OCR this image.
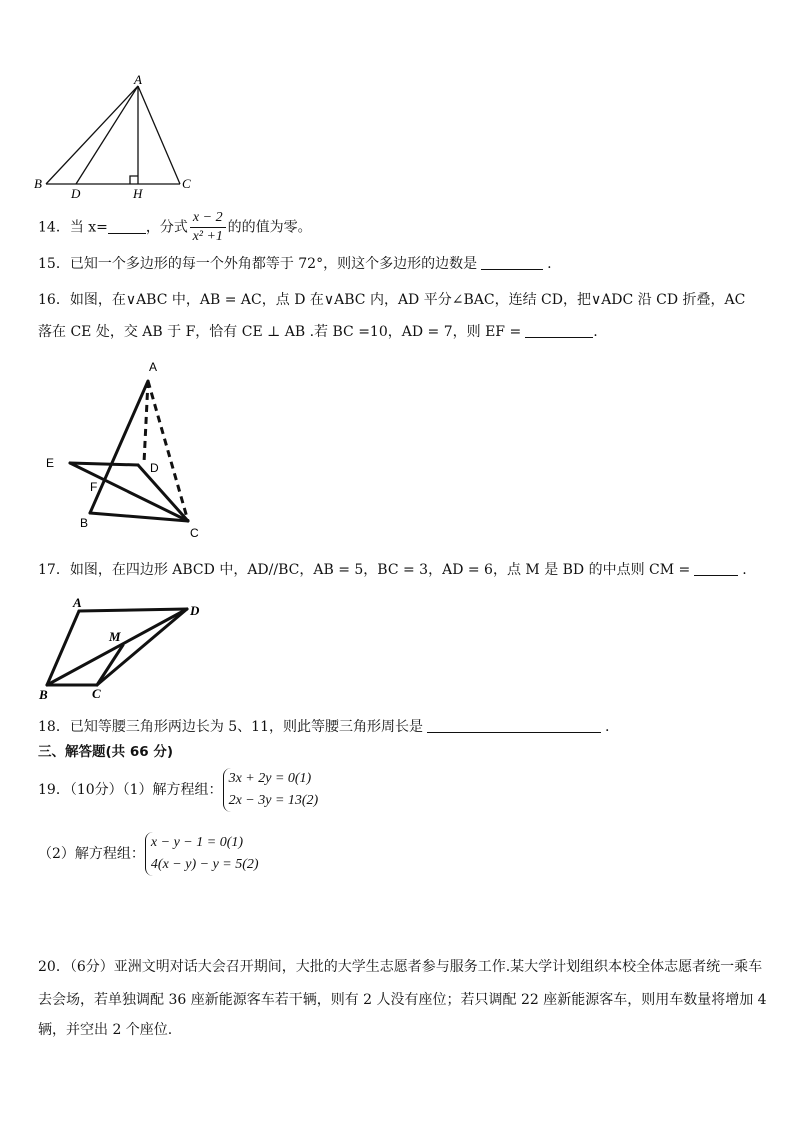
A
B
D	H
C
14．当 x=	，分式 $\frac{x - 2}{\text{x² +1}}$ 的的值为零。
15．已知一个多边形的每一个外角都等于 72°，则这个多边形的边数是	.
16．如图，在∨ABC 中，AB = AC，点 D 在∨ABC 内，AD 平分∠BAC，连结 CD，把∨ADC 沿 CD 折叠，AC
落在 CE 处，交 AB 于 F，恰有 CE ⊥ AB .若 BC =10，AD = 7，则 EF =	.
A
E	D
F
B
C
17．如图，在四边形 ABCD 中，AD//BC，AB = 5，BC = 3，AD = 6，点 M 是 BD 的中点则 CM =	.
A
D
M
B	C
18．已知等腰三角形两边长为 5、11，则此等腰三角形周长是	.
三、解答题(共 66 分)
19．（10分）（1）解方程组：
3x + 2y = 0(1)
2x − 3y = 13(2)
（2）解方程组：
x − y − 1 = 0(1)
4(x − y) − y = 5(2)
20．（6分）亚洲文明对话大会召开期间，大批的大学生志愿者参与服务工作.某大学计划组织本校全体志愿者统一乘车
去会场，若单独调配 36 座新能源客车若干辆，则有 2 人没有座位；若只调配 22 座新能源客车，则用车数量将增加 4
辆，并空出 2 个座位.
